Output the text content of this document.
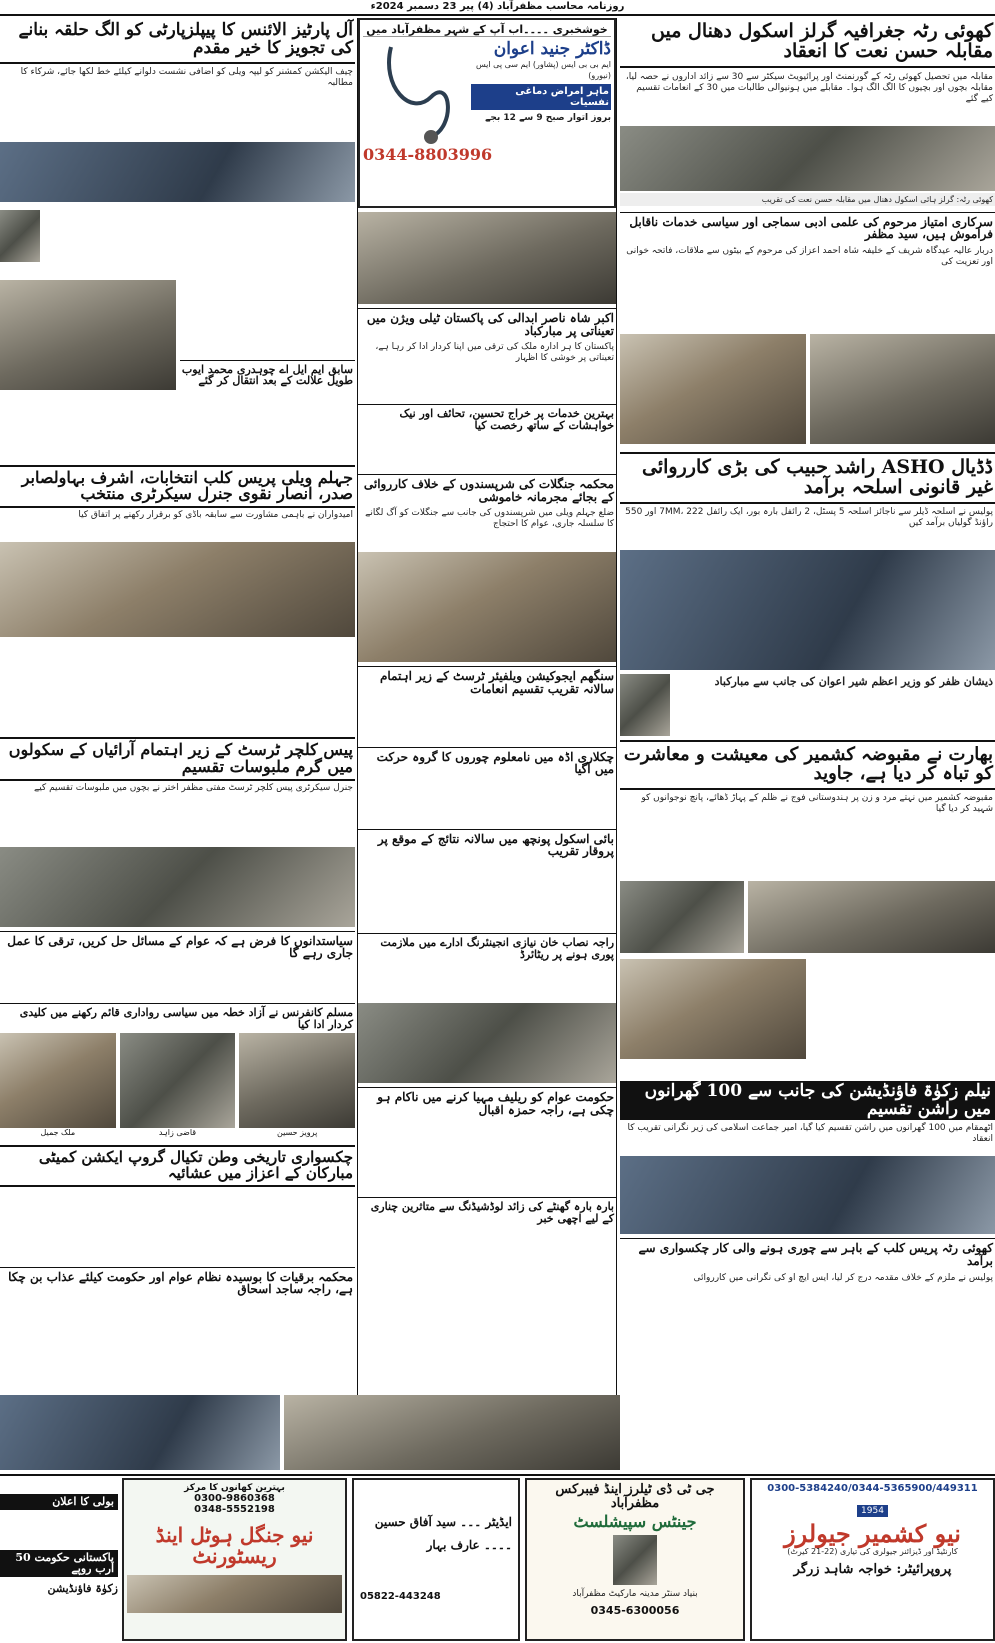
روزنامہ محاسب مظفرآباد (4) پیر 23 دسمبر 2024ء
کھوئی رٹہ جغرافیہ گرلز اسکول دھنال میں مقابلہ حسن نعت کا انعقاد
مقابلہ میں تحصیل کھوئی رٹہ کے گورنمنٹ اور پرائیویٹ سیکٹر سے 30 سے زائد اداروں نے حصہ لیا، مقابلہ بچوں اور بچیوں کا الگ الگ ہوا۔ مقابلے میں ہونیوالی طالبات میں 30 کے انعامات تقسیم کیے گئے
کھوئی رٹہ: گرلز ہائی اسکول دھنال میں مقابلہ حسن نعت کی تقریب
سرکاری امتیاز مرحوم کی علمی ادبی سماجی اور سیاسی خدمات ناقابل فراموش ہیں، سید مظفر
دربار عالیہ عیدگاہ شریف کے خلیفہ شاہ احمد اعزاز کی مرحوم کے بیٹوں سے ملاقات، فاتحہ خوانی اور تعزیت کی
ڈڈیال ASHO راشد حبیب کی بڑی کارروائی غیر قانونی اسلحہ برآمد
پولیس نے اسلحہ ڈیلر سے ناجائز اسلحہ 5 پسٹل، 2 رائفل بارہ بور، ایک رائفل 7MM، 222 اور 550 راؤنڈ گولیاں برآمد کیں
ذیشان ظفر کو وزیر اعظم شیر اعوان کی جانب سے مبارکباد
بھارت نے مقبوضہ کشمیر کی معیشت و معاشرت کو تباہ کر دیا ہے، جاوید
مقبوضہ کشمیر میں نہتے مرد و زن پر ہندوستانی فوج نے ظلم کے پہاڑ ڈھائے، پانچ نوجوانوں کو شہید کر دیا گیا
نیلم زکوٰۃ فاؤنڈیشن کی جانب سے 100 گھرانوں میں راشن تقسیم
اٹھمقام میں 100 گھرانوں میں راشن تقسیم کیا گیا، امیر جماعت اسلامی کی زیر نگرانی تقریب کا انعقاد
کھوئی رٹہ پریس کلب کے باہر سے چوری ہونے والی کار چکسواری سے برآمد
پولیس نے ملزم کے خلاف مقدمہ درج کر لیا، ایس ایچ او کی نگرانی میں کارروائی
خوشخبری ۔۔۔۔اب آپ کے شہر مظفرآباد میں
ڈاکٹر جنید اعوان
ایم بی بی ایس (پشاور) ایم سی پی ایس (نیورو)
ماہر امراض دماغی نفسیات
بروز اتوار صبح 9 سے 12 بجے
0344-8803996
اکبر شاہ ناصر ابدالی کی پاکستان ٹیلی ویژن میں تعیناتی پر مبارکباد
پاکستان کا ہر ادارہ ملک کی ترقی میں اپنا کردار ادا کر رہا ہے، تعیناتی پر خوشی کا اظہار
بہترین خدمات پر خراج تحسین، تحائف اور نیک خواہشات کے ساتھ رخصت کیا
محکمہ جنگلات کی شرپسندوں کے خلاف کارروائی کے بجائے مجرمانہ خاموشی
ضلع جہلم ویلی میں شرپسندوں کی جانب سے جنگلات کو آگ لگانے کا سلسلہ جاری، عوام کا احتجاج
سنگھم ایجوکیشن ویلفیئر ٹرسٹ کے زیر اہتمام سالانہ تقریب تقسیم انعامات
چکلاری اڈہ میں نامعلوم چوروں کا گروہ حرکت میں آگیا
بائی اسکول پونچھ میں سالانہ نتائج کے موقع پر پروقار تقریب
راجہ نصاب خان نیازی انجینئرنگ ادارے میں ملازمت پوری ہونے پر ریٹائرڈ
حکومت عوام کو ریلیف مہیا کرنے میں ناکام ہو چکی ہے، راجہ حمزہ اقبال
بارہ بارہ گھنٹے کی زائد لوڈشیڈنگ سے متاثرین چناری کے لیے اچھی خبر
آل پارٹیز الائنس کا پیپلزپارٹی کو الگ حلقہ بنانے کی تجویز کا خیر مقدم
چیف الیکشن کمشنر کو لیپہ ویلی کو اضافی نشست دلوانے کیلئے خط لکھا جائے، شرکاء کا مطالبہ
سابق ایم ایل اے چوہدری محمد ایوب طویل علالت کے بعد انتقال کر گئے
جہلم ویلی پریس کلب انتخابات، اشرف بہاولصابر صدر، انصار نقوی جنرل سیکرٹری منتخب
امیدواران نے باہمی مشاورت سے سابقہ باڈی کو برقرار رکھنے پر اتفاق کیا
پیس کلچر ٹرسٹ کے زیر اہتمام آرائیاں کے سکولوں میں گرم ملبوسات تقسیم
جنرل سیکرٹری پیس کلچر ٹرسٹ مفتی مظفر اختر نے بچوں میں ملبوسات تقسیم کیے
سیاستدانوں کا فرض ہے کہ عوام کے مسائل حل کریں، ترقی کا عمل جاری رہے گا
مسلم کانفرنس نے آزاد خطہ میں سیاسی رواداری قائم رکھنے میں کلیدی کردار ادا کیا
پرویز حسین
قاضی زاہد
ملک جمیل
چکسواری تاریخی وطن تکیال گروپ ایکشن کمیٹی مبارکان کے اعزاز میں عشائیہ
محکمہ برقیات کا بوسیدہ نظام عوام اور حکومت کیلئے عذاب بن چکا ہے، راجہ ساجد اسحاق
0300-5384240/0344-5365900/449311
1954
نیو کشمیر جیولرز
کارنٹیڈ اور ڈیزائنر جیولری کی تیاری (22-21 کیرٹ)
پروپرائیٹر: خواجہ شاہد زرگر
جی ٹی ڈی ٹیلرز اینڈ فیبرکس مظفرآباد
جینٹس سپیشلسٹ
بنیاد سنٹر مدینہ مارکیٹ مظفرآباد
0345-6300056
ایڈیٹر ۔۔۔ سید آفاق حسین
۔۔۔۔ عارف بہار
05822-443248
بہترین کھانوں کا مرکز
0300-9860368
0348-5552198
نیو جنگل ہوٹل اینڈ ریسٹورنٹ
بولی کا اعلان
پاکستانی حکومت 50 ارب روپے
زکوٰۃ فاؤنڈیشن
